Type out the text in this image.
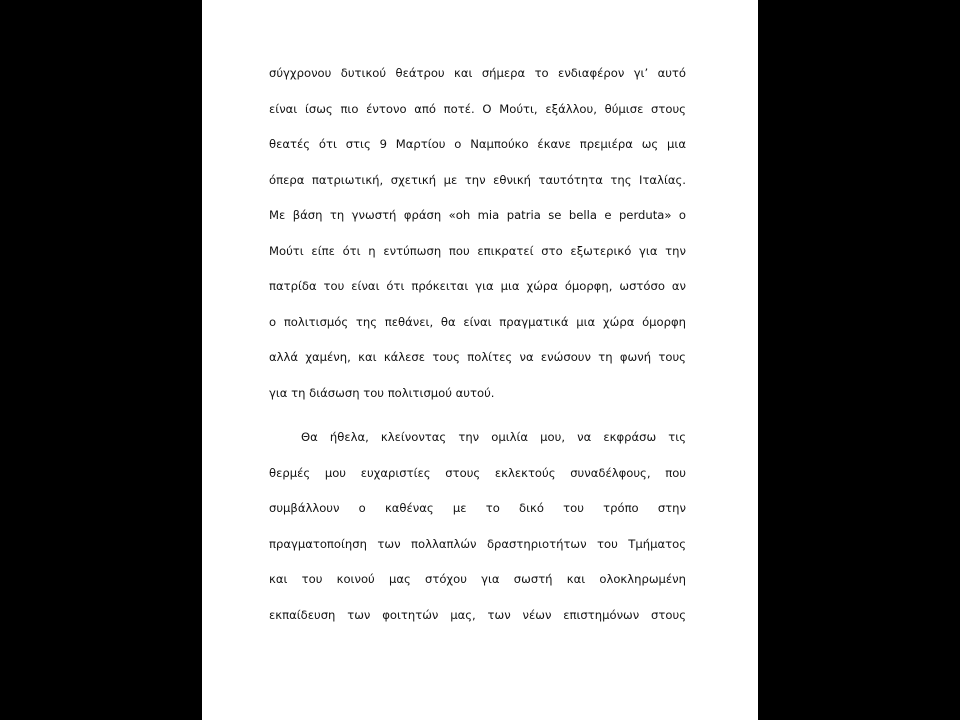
σύγχρονου δυτικού θεάτρου και σήμερα το ενδιαφέρον γι’ αυτό
είναι ίσως πιο έντονο από ποτέ. Ο Μούτι, εξάλλου, θύμισε στους
θεατές ότι στις 9 Μαρτίου ο Ναμπούκο έκανε πρεμιέρα ως μια
όπερα πατριωτική, σχετική με την εθνική ταυτότητα της Ιταλίας.
Με βάση τη γνωστή φράση «oh mia patria se bella e perduta» ο
Μούτι είπε ότι η εντύπωση που επικρατεί στο εξωτερικό για την
πατρίδα του είναι ότι πρόκειται για μια χώρα όμορφη, ωστόσο αν
ο πολιτισμός της πεθάνει, θα είναι πραγματικά μια χώρα όμορφη
αλλά χαμένη, και κάλεσε τους πολίτες να ενώσουν τη φωνή τους
για τη διάσωση του πολιτισμού αυτού.
Θα ήθελα, κλείνοντας την ομιλία μου, να εκφράσω τις
θερμές μου ευχαριστίες στους εκλεκτούς συναδέλφους, που
συμβάλλουν ο καθένας με το δικό του τρόπο στην
πραγματοποίηση των πολλαπλών δραστηριοτήτων του Τμήματος
και του κοινού μας στόχου για σωστή και ολοκληρωμένη
εκπαίδευση των φοιτητών μας, των νέων επιστημόνων στους
